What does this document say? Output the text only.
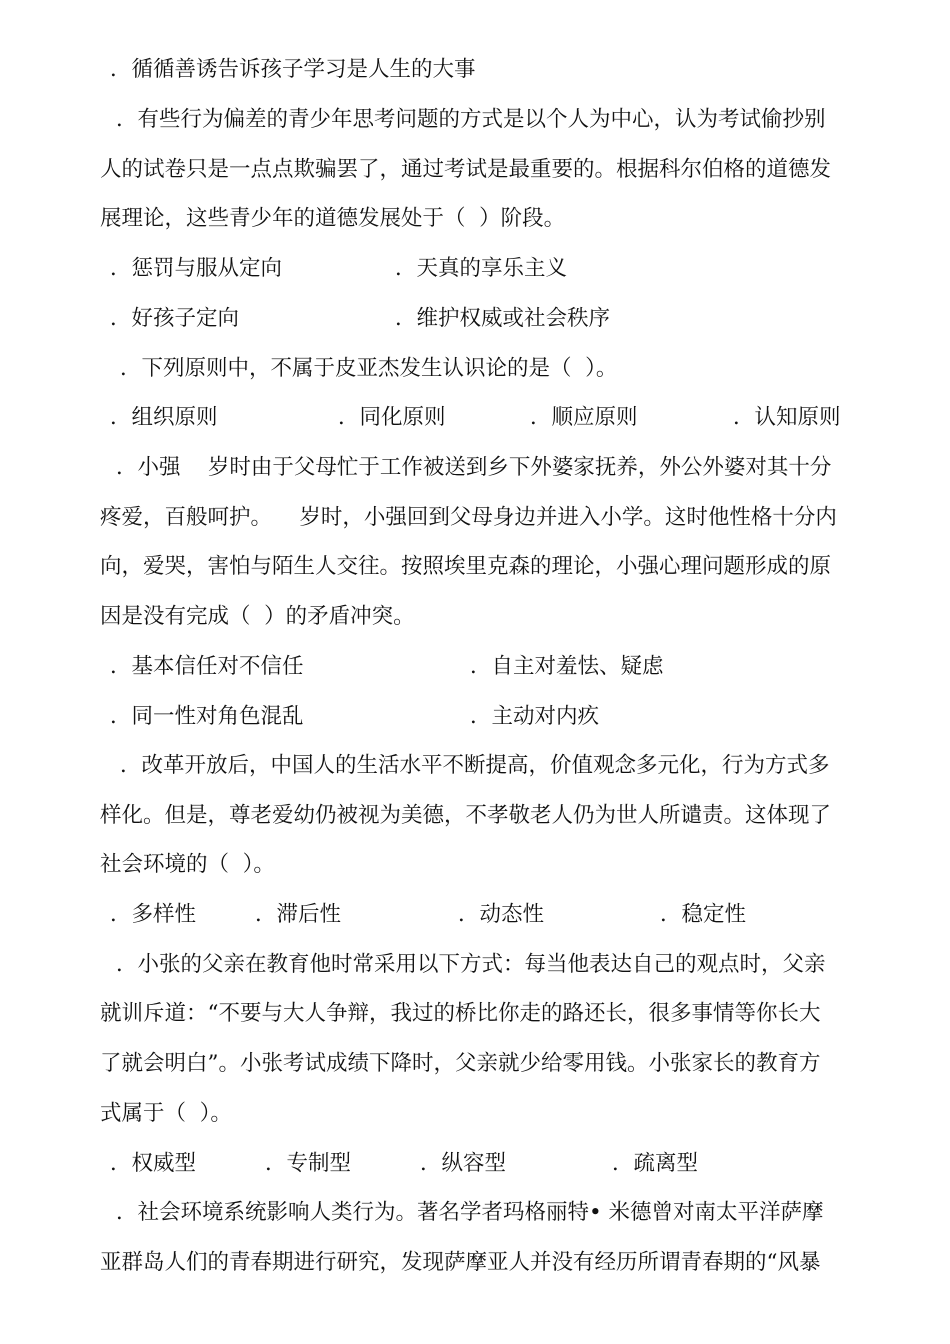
．循循善诱告诉孩子学习是人生的大事
．有些行为偏差的青少年思考问题的方式是以个人为中心，认为考试偷抄别
人的试卷只是一点点欺骗罢了，通过考试是最重要的。根据科尔伯格的道德发
展理论，这些青少年的道德发展处于（  ）阶段。
．惩罚与服从定向	．天真的享乐主义
．好孩子定向	．维护权威或社会秩序
．下列原则中，不属于皮亚杰发生认识论的是（  ）。
．组织原则	．同化原则	．顺应原则	．认知原则
．小强    岁时由于父母忙于工作被送到乡下外婆家抚养，外公外婆对其十分
疼爱，百般呵护。    岁时，小强回到父母身边并进入小学。这时他性格十分内
向，爱哭，害怕与陌生人交往。按照埃里克森的理论，小强心理问题形成的原
因是没有完成（  ）的矛盾冲突。
．基本信任对不信任	．自主对羞怯、疑虑
．同一性对角色混乱	．主动对内疚
．改革开放后，中国人的生活水平不断提高，价值观念多元化，行为方式多
样化。但是，尊老爱幼仍被视为美德，不孝敬老人仍为世人所谴责。这体现了
社会环境的（  ）。
．多样性	．滞后性	．动态性	．稳定性
．小张的父亲在教育他时常采用以下方式：每当他表达自己的观点时，父亲
就训斥道：“不要与大人争辩，我过的桥比你走的路还长，很多事情等你长大
了就会明白”。小张考试成绩下降时，父亲就少给零用钱。小张家长的教育方
式属于（  ）。
．权威型	．专制型	．纵容型	．疏离型
．社会环境系统影响人类行为。著名学者玛格丽特• 米德曾对南太平洋萨摩
亚群岛人们的青春期进行研究，发现萨摩亚人并没有经历所谓青春期的“风暴
